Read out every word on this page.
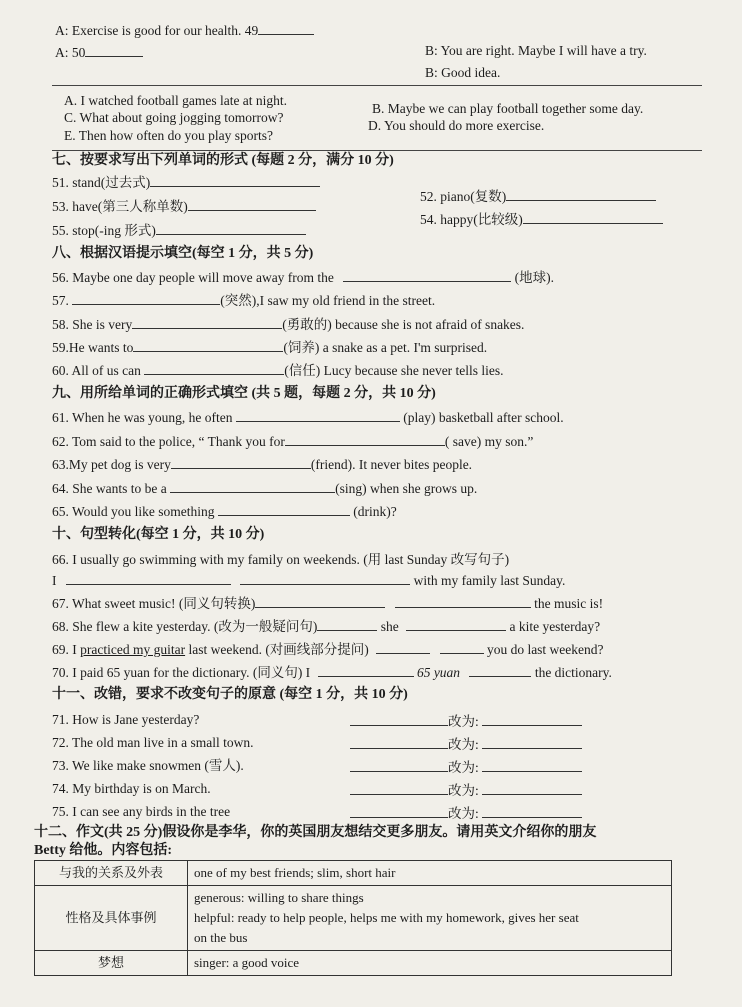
A: Exercise is good for our health. 49
A: 50	B: You are right. Maybe I will have a try.
B: Good idea.
A. I watched football games late at night.
B. Maybe we can play football together some day.
C. What about going jogging tomorrow?
D. You should do more exercise.
E. Then how often do you play sports?
七、按要求写出下列单词的形式 (每题 2 分，满分 10 分)
51. stand(过去式)
52. piano(复数)
53. have(第三人称单数)
54. happy(比较级)
55. stop(-ing 形式)
八、根据汉语提示填空(每空 1 分，共 5 分)
56. Maybe one day people will move away from the	(地球).
57.	(突然),I saw my old friend in the street.
58. She is very	(勇敢的) because she is not afraid of snakes.
59.He wants to	(饲养) a snake as a pet. I'm surprised.
60. All of us can	(信任) Lucy because she never tells lies.
九、用所给单词的正确形式填空 (共 5 题，每题 2 分，共 10 分)
61. When he was young, he often	(play) basketball after school.
62. Tom said to the police, “ Thank you for	( save) my son.”
63.My pet dog is very	(friend). It never bites people.
64. She wants to be a	(sing) when she grows up.
65. Would you like something	(drink)?
十、句型转化(每空 1 分，共 10 分)
66. I usually go swimming with my family on weekends. (用 last Sunday 改写句子)
I	with my family last Sunday.
67. What sweet music! (同义句转换)	the music is!
68. She flew a kite yesterday. (改为一般疑问句)	she	a kite yesterday?
69. I practiced my guitar last weekend. (对画线部分提问)	you do last weekend?
70. I paid 65 yuan for the dictionary. (同义句) I	65 yuan	the dictionary.
十一、改错，要求不改变句子的原意 (每空 1 分，共 10 分)
71. How is Jane yesterday?	改为:
72. The old man live in a small town.	改为:
73. We like make snowmen (雪人).	改为:
74. My birthday is on March.	改为:
75. I can see any birds in the tree	改为:
十二、作文(共 25 分)假设你是李华，你的英国朋友想结交更多朋友。请用英文介绍你的朋友
Betty 给他。内容包括:
与我的关系及外表	one of my best friends; slim, short hair
性格及具体事例	generous: willing to share things
helpful: ready to help people, helps me with my homework, gives her seat
on the bus

梦想	singer: a good voice
